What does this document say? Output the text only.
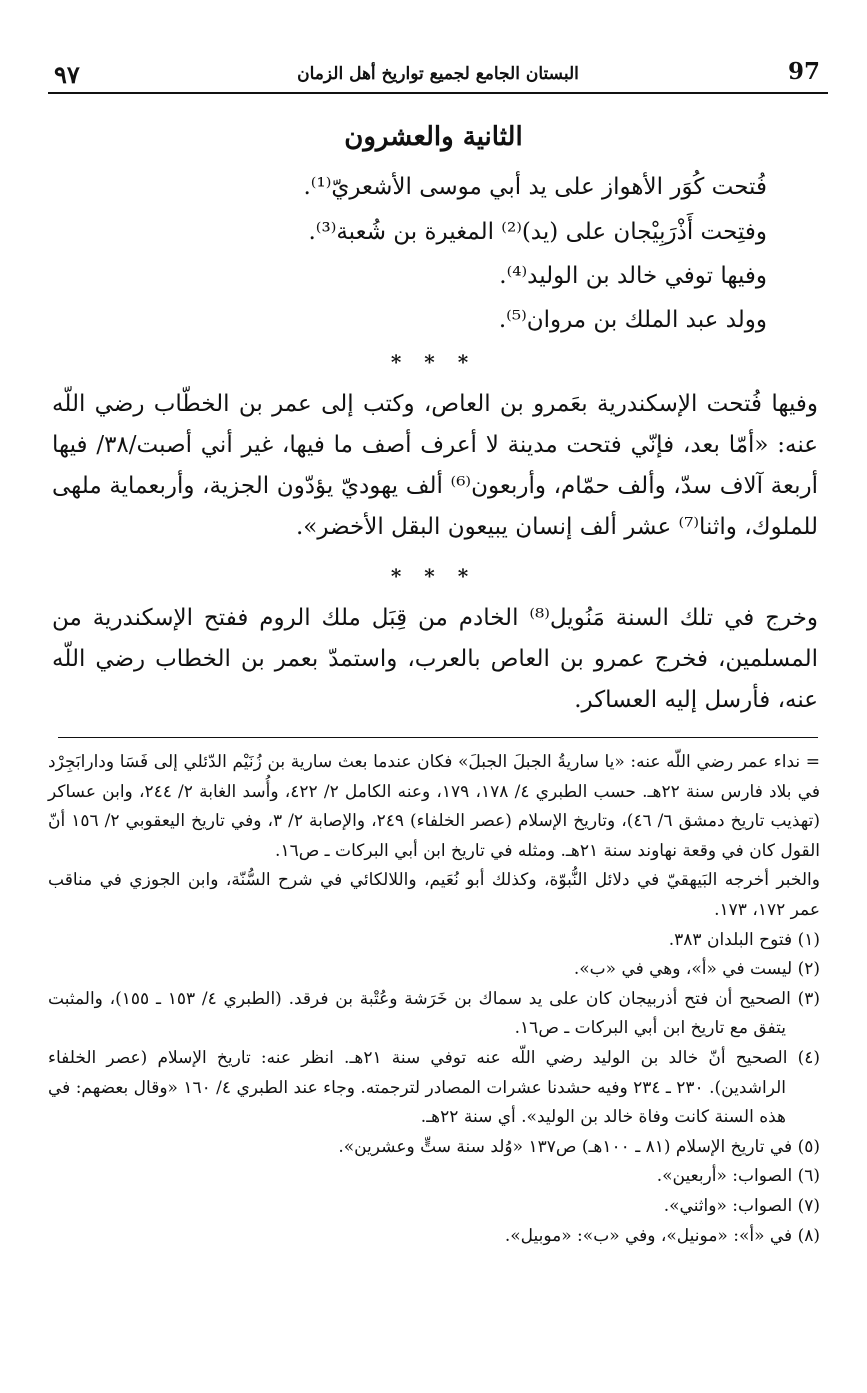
٩٧	البستان الجامع لجميع تواريخ أهل الزمان	97
الثانية والعشرون
فُتحت كُوَر الأهواز على يد أبي موسى الأشعريّ⁽¹⁾.
وفتِحت أَذْرَبِيْجان على (يد)⁽²⁾ المغيرة بن شُعبة⁽³⁾.
وفيها توفي خالد بن الوليد⁽⁴⁾.
وولد عبد الملك بن مروان⁽⁵⁾.
* * *
وفيها فُتحت الإسكندرية بعَمرو بن العاص، وكتب إلى عمر بن الخطّاب رضي اللّه عنه: «أمّا بعد، فإنّي فتحت مدينة لا أعرف أصف ما فيها، غير أني أصبت/٣٨/ فيها أربعة آلاف سدّ، وألف حمّام، وأربعون⁽⁶⁾ ألف يهوديّ يؤدّون الجزية، وأربعماية ملهى للملوك، واثنا⁽⁷⁾ عشر ألف إنسان يبيعون البقل الأخضر».
* * *
وخرج في تلك السنة مَنُويل⁽⁸⁾ الخادم من قِبَل ملك الروم ففتح الإسكندرية من المسلمين، فخرج عمرو بن العاص بالعرب، واستمدّ بعمر بن الخطاب رضي اللّه عنه، فأرسل إليه العساكر.
= نداء عمر رضي اللّه عنه: «يا ساريةُ الجبلَ الجبلَ» فكان عندما بعث سارية بن زُنَيْم الدّئلي إلى فَسَا ودارابَجِرْد في بلاد فارس سنة ٢٢هـ. حسب الطبري ٤/ ١٧٨، ١٧٩، وعنه الكامل ٢/ ٤٢٢، وأُسد الغابة ٢/ ٢٤٤، وابن عساكر (تهذيب تاريخ دمشق ٦/ ٤٦)، وتاريخ الإسلام (عصر الخلفاء) ٢٤٩، والإصابة ٢/ ٣، وفي تاريخ اليعقوبي ٢/ ١٥٦ أنّ القول كان في وقعة نهاوند سنة ٢١هـ. ومثله في تاريخ ابن أبي البركات ـ ص١٦.
والخبر أخرجه البَيهقيّ في دلائل النُّبوّة، وكذلك أبو نُعَيم، واللالكائي في شرح السُّنّة، وابن الجوزي في مناقب عمر ١٧٢، ١٧٣.
(١) فتوح البلدان ٣٨٣.
(٢) ليست في «أ»، وهي في «ب».
(٣) الصحيح أن فتح أذربيجان كان على يد سماك بن خَرَشة وعُتْبة بن فرقد. (الطبري ٤/ ١٥٣ ـ ١٥٥)، والمثبت يتفق مع تاريخ ابن أبي البركات ـ ص١٦.
(٤) الصحيح أنّ خالد بن الوليد رضي اللّه عنه توفي سنة ٢١هـ. انظر عنه: تاريخ الإسلام (عصر الخلفاء الراشدين). ٢٣٠ ـ ٢٣٤ وفيه حشدنا عشرات المصادر لترجمته. وجاء عند الطبري ٤/ ١٦٠ «وقال بعضهم: في هذه السنة كانت وفاة خالد بن الوليد». أي سنة ٢٢هـ.
(٥) في تاريخ الإسلام (٨١ ـ ١٠٠هـ) ص١٣٧ «وُلد سنة ستٍّ وعشرين».
(٦) الصواب: «أربعين».
(٧) الصواب: «واثني».
(٨) في «أ»: «مونيل»، وفي «ب»: «موبيل».
